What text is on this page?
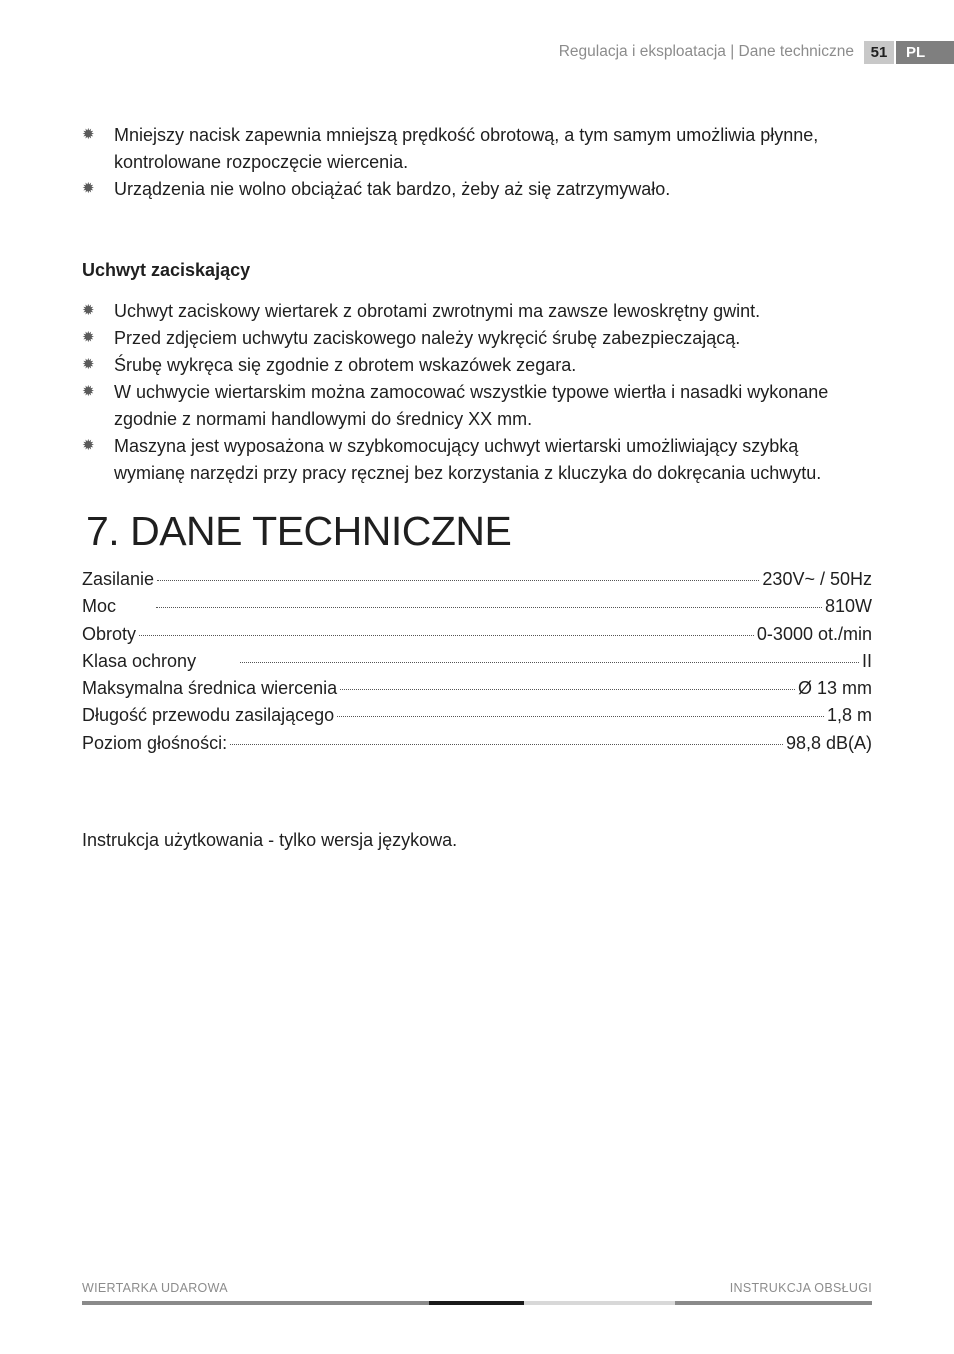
Regulacja i eksploatacja | Dane techniczne	51	PL
✹ Mniejszy nacisk zapewnia mniejszą prędkość obrotową, a tym samym umożliwia płynne, kontrolowane rozpoczęcie wiercenia.
✹ Urządzenia nie wolno obciążać tak bardzo, żeby aż się zatrzymywało.
Uchwyt zaciskający
✹ Uchwyt zaciskowy wiertarek z obrotami zwrotnymi ma zawsze lewoskrętny gwint.
✹ Przed zdjęciem uchwytu zaciskowego należy wykręcić śrubę zabezpieczającą.
✹ Śrubę wykręca się zgodnie z obrotem wskazówek zegara.
✹ W uchwycie wiertarskim można zamocować wszystkie typowe wiertła i nasadki wykonane zgodnie z normami handlowymi do średnicy XX mm.
✹ Maszyna jest wyposażona w szybkomocujący uchwyt wiertarski umożliwiający szybką wymianę narzędzi przy pracy ręcznej bez korzystania z kluczyka do dokręcania uchwytu.
7. DANE TECHNICZNE
Zasilanie	230V~ / 50Hz
Moc	810W
Obroty	0-3000 ot./min
Klasa ochrony	II
Maksymalna średnica wiercenia	Ø 13 mm
Długość przewodu zasilającego	1,8 m
Poziom głośności:	98,8 dB(A)
Instrukcja użytkowania - tylko wersja językowa.
WIERTARKA UDAROWA	INSTRUKCJA OBSŁUGI
